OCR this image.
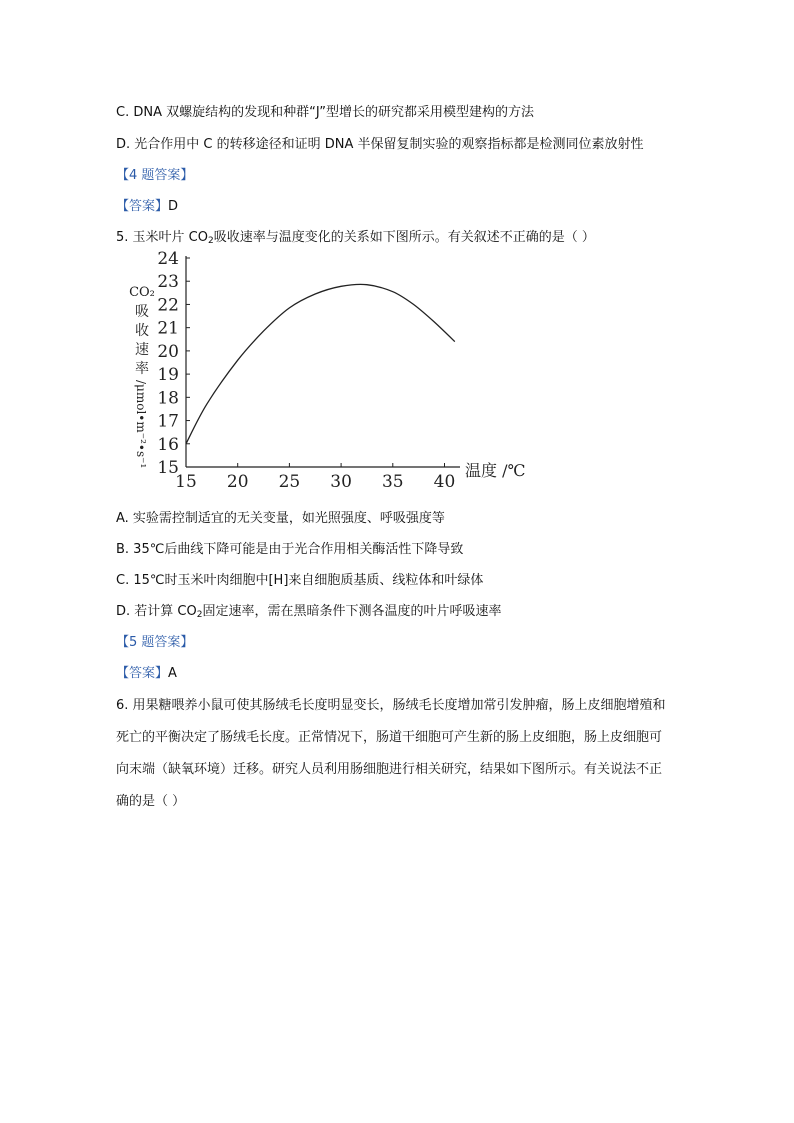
C. DNA 双螺旋结构的发现和种群“J”型增长的研究都采用模型建构的方法
D. 光合作用中 C 的转移途径和证明 DNA 半保留复制实验的观察指标都是检测同位素放射性
【4 题答案】
【答案】D
5. 玉米叶片 $CO_2$吸收速率与温度变化的关系如下图所示。有关叙述不正确的是（ ）
15
16
17
18
19
20
21
22
23
24
15 20 25 30 35 40
CO₂
吸
收
速
率
/μmol•m⁻²•s⁻¹
温度 /℃
A. 实验需控制适宜的无关变量，如光照强度、呼吸强度等
B. 35℃后曲线下降可能是由于光合作用相关酶活性下降导致
C. 15℃时玉米叶肉细胞中[H]来自细胞质基质、线粒体和叶绿体
D. 若计算 $CO_2$固定速率，需在黑暗条件下测各温度的叶片呼吸速率
【5 题答案】
【答案】A
6. 用果糖喂养小鼠可使其肠绒毛长度明显变长，肠绒毛长度增加常引发肿瘤，肠上皮细胞增殖和
死亡的平衡决定了肠绒毛长度。正常情况下，肠道干细胞可产生新的肠上皮细胞，肠上皮细胞可
向末端（缺氧环境）迁移。研究人员利用肠细胞进行相关研究，结果如下图所示。有关说法不正
确的是（ ）
